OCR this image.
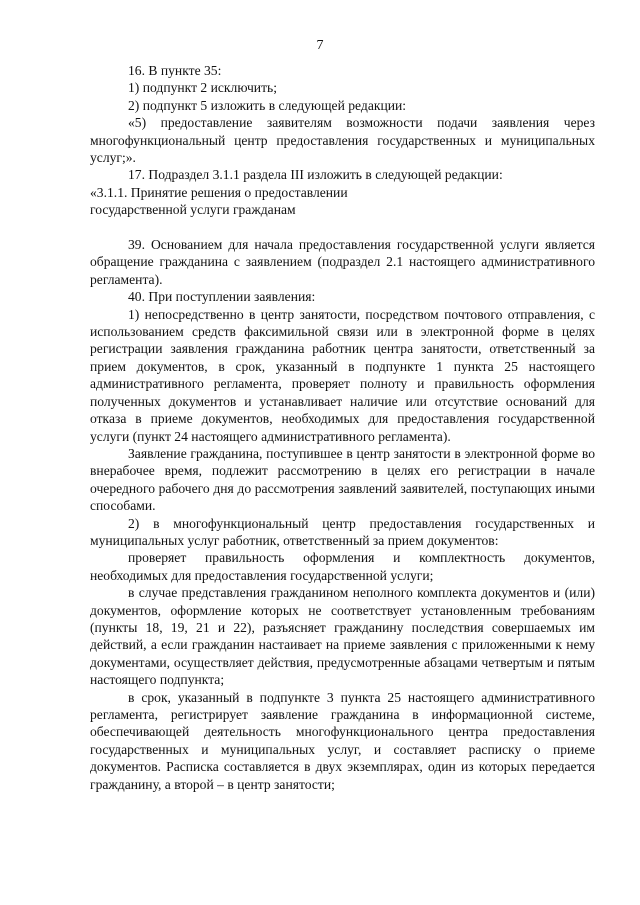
7

16. В пункте 35:

1) подпункт 2 исключить;

2) подпункт 5 изложить в следующей редакции:

«5) предоставление заявителям возможности подачи заявления через многофункциональный центр предоставления государственных и муниципальных услуг;».

17. Подраздел 3.1.1 раздела III изложить в следующей редакции:

«3.1.1. Принятие решения о предоставлении

государственной услуги гражданам

39. Основанием для начала предоставления государственной услуги является обращение гражданина с заявлением (подраздел 2.1 настоящего административного регламента).

40. При поступлении заявления:

1) непосредственно в центр занятости, посредством почтового отправления, с использованием средств факсимильной связи или в электронной форме в целях регистрации заявления гражданина работник центра занятости, ответственный за прием документов, в срок, указанный в подпункте 1 пункта 25 настоящего административного регламента, проверяет полноту и правильность оформления полученных документов и устанавливает наличие или отсутствие оснований для отказа в приеме документов, необходимых для предоставления государственной услуги (пункт 24 настоящего административного регламента).

Заявление гражданина, поступившее в центр занятости в электронной форме во внерабочее время, подлежит рассмотрению в целях его регистрации в начале очередного рабочего дня до рассмотрения заявлений заявителей, поступающих иными способами.

2) в многофункциональный центр предоставления государственных и муниципальных услуг работник, ответственный за прием документов:

проверяет правильность оформления и комплектность документов, необходимых для предоставления государственной услуги;

в случае представления гражданином неполного комплекта документов и (или) документов, оформление которых не соответствует установленным требованиям (пункты 18, 19, 21 и 22), разъясняет гражданину последствия совершаемых им действий, а если гражданин настаивает на приеме заявления с приложенными к нему документами, осуществляет действия, предусмотренные абзацами четвертым и пятым настоящего подпункта;

в срок, указанный в подпункте 3 пункта 25 настоящего административного регламента, регистрирует заявление гражданина в информационной системе, обеспечивающей деятельность многофункционального центра предоставления государственных и муниципальных услуг, и составляет расписку о приеме документов. Расписка составляется в двух экземплярах, один из которых передается гражданину, а второй – в центр занятости;
